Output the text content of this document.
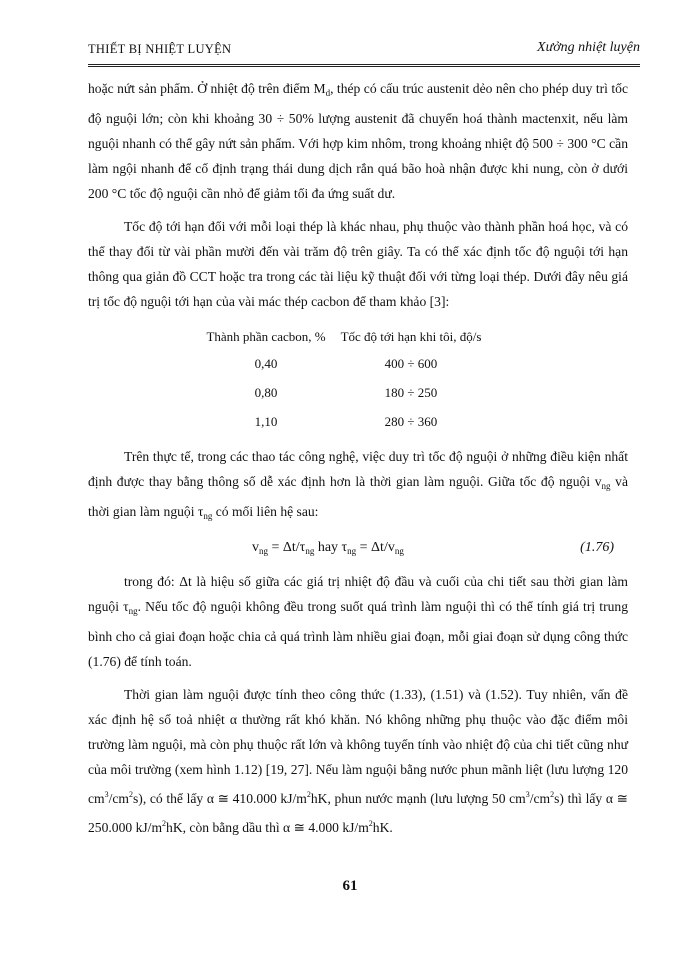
THIẾT BỊ NHIỆT LUYỆN	Xưởng nhiệt luyện

hoặc nứt sản phẩm. Ở nhiệt độ trên điểm $M_d$, thép có cấu trúc austenit dẻo nên cho phép duy trì tốc độ nguội lớn; còn khi khoảng 30 ÷ 50% lượng austenit đã chuyển hoá thành mactenxit, nếu làm nguội nhanh có thể gây nứt sản phẩm. Với hợp kim nhôm, trong khoảng nhiệt độ 500 ÷ 300 °C cần làm ngội nhanh để cố định trạng thái dung dịch rắn quá bão hoà nhận được khi nung, còn ở dưới 200 °C tốc độ nguội cần nhỏ để giảm tối đa ứng suất dư.

Tốc độ tới hạn đối với mỗi loại thép là khác nhau, phụ thuộc vào thành phần hoá học, và có thể thay đổi từ vài phần mười đến vài trăm độ trên giây. Ta có thể xác định tốc độ nguội tới hạn thông qua giản đồ CCT hoặc tra trong các tài liệu kỹ thuật đối với từng loại thép. Dưới đây nêu giá trị tốc độ nguội tới hạn của vài mác thép cacbon để tham khảo [3]:

Thành phần cacbon, %	Tốc độ tới hạn khi tôi, độ/s
0,40	400 ÷ 600
0,80	180 ÷ 250
1,10	280 ÷ 360

Trên thực tế, trong các thao tác công nghệ, việc duy trì tốc độ nguội ở những điều kiện nhất định được thay bằng thông số dễ xác định hơn là thời gian làm nguội. Giữa tốc độ nguội $v_{ng}$ và thời gian làm nguội $\tau_{ng}$ có mối liên hệ sau:

$v_{ng} = \Delta t/\tau_{ng}$ hay $\tau_{ng} = \Delta t/v_{ng}$	(1.76)

trong đó: Δt là hiệu số giữa các giá trị nhiệt độ đầu và cuối của chi tiết sau thời gian làm nguội $\tau_{ng}$. Nếu tốc độ nguội không đều trong suốt quá trình làm nguội thì có thể tính giá trị trung bình cho cả giai đoạn hoặc chia cả quá trình làm nhiều giai đoạn, mỗi giai đoạn sử dụng công thức (1.76) để tính toán.

Thời gian làm nguội được tính theo công thức (1.33), (1.51) và (1.52). Tuy nhiên, vấn đề xác định hệ số toả nhiệt α thường rất khó khăn. Nó không những phụ thuộc vào đặc điểm môi trường làm nguội, mà còn phụ thuộc rất lớn và không tuyến tính vào nhiệt độ của chi tiết cũng như của môi trường (xem hình 1.12) [19, 27]. Nếu làm nguội bằng nước phun mãnh liệt (lưu lượng 120 $cm^3/cm^2s$), có thể lấy α ≅ 410.000 $kJ/m^2hK$, phun nước mạnh (lưu lượng 50 $cm^3/cm^2s$) thì lấy α ≅ 250.000 $kJ/m^2hK$, còn bằng dầu thì α ≅ 4.000 $kJ/m^2hK$.

61
